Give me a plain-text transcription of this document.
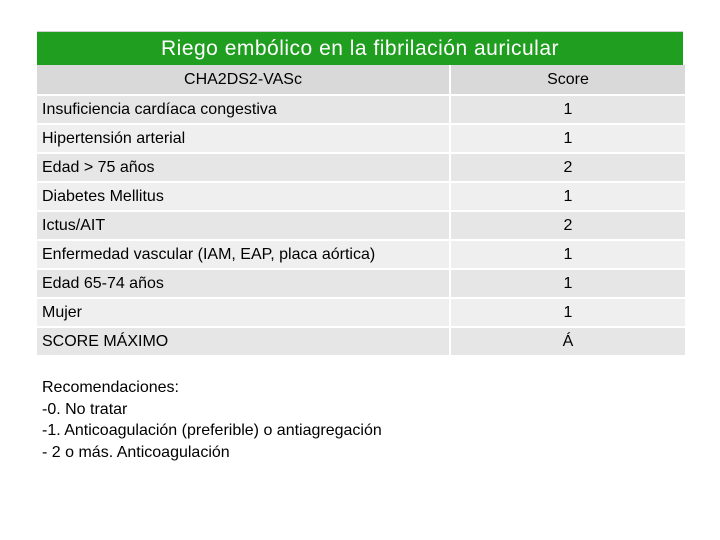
Riego embólico en la fibrilación auricular
CHA2DS2-VASc	Score
Insuficiencia cardíaca congestiva	1
Hipertensión arterial	1
Edad > 75 años	2
Diabetes Mellitus	1
Ictus/AIT	2
Enfermedad vascular (IAM, EAP, placa aórtica)	1
Edad 65-74 años	1
Mujer	1
SCORE MÁXIMO	Á
Recomendaciones:
-0. No tratar
-1. Anticoagulación (preferible) o antiagregación
- 2 o más. Anticoagulación
